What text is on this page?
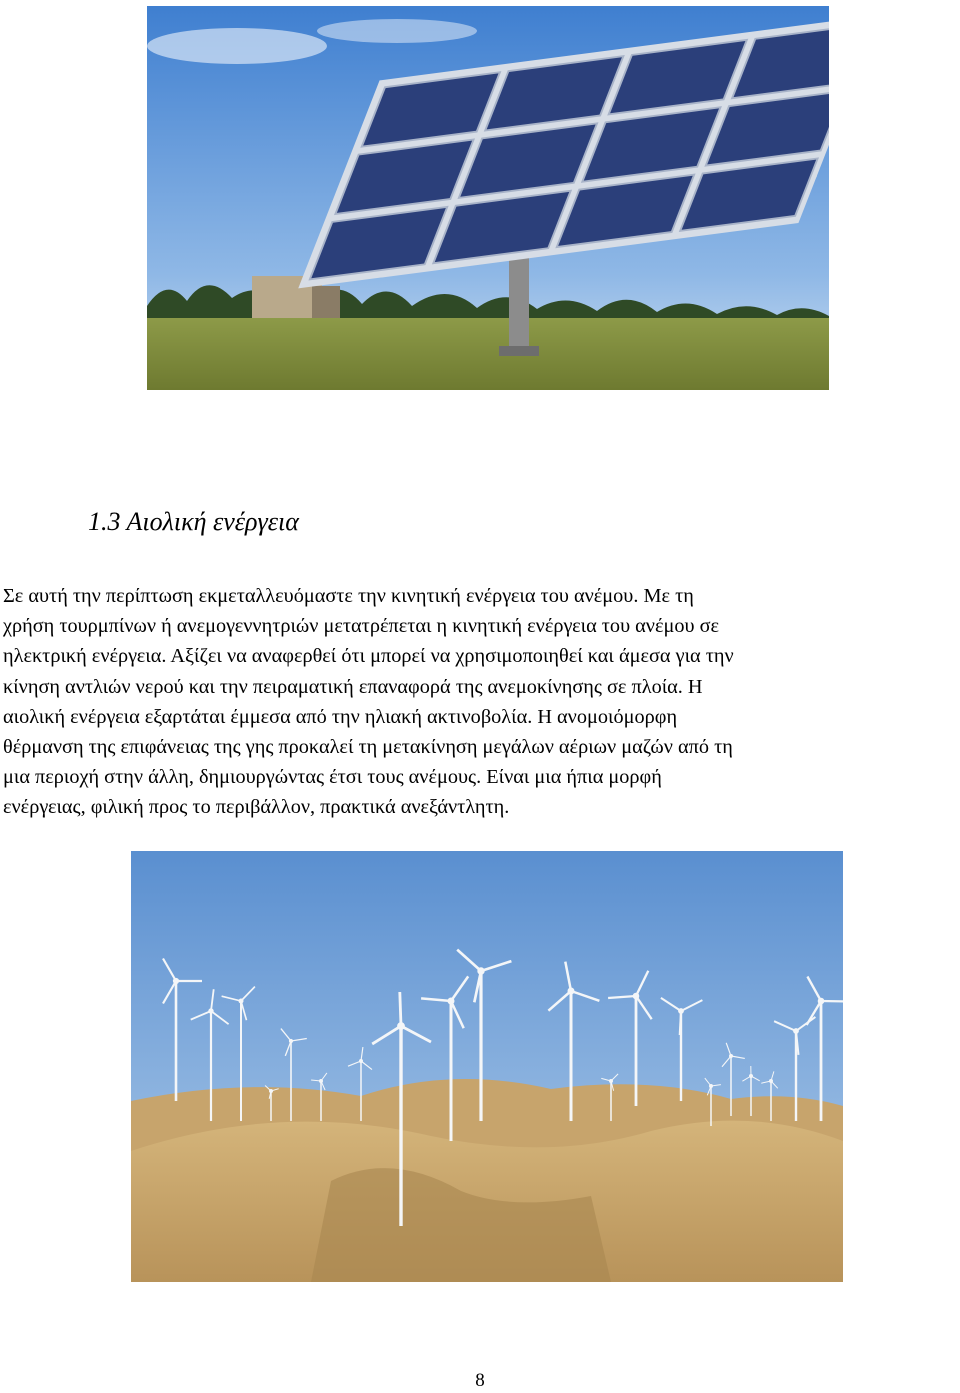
1.3 Αιολική ενέργεια

Σε αυτή την περίπτωση εκμεταλλευόμαστε την κινητική ενέργεια του ανέμου. Με τη
χρήση τουρμπίνων ή ανεμογεννητριών μετατρέπεται η κινητική ενέργεια του ανέμου σε
ηλεκτρική ενέργεια. Αξίζει να αναφερθεί ότι μπορεί να χρησιμοποιηθεί και άμεσα για την
κίνηση αντλιών νερού και την πειραματική επαναφορά της ανεμοκίνησης σε πλοία. Η
αιολική ενέργεια εξαρτάται έμμεσα από την ηλιακή ακτινοβολία. Η ανομοιόμορφη
θέρμανση της επιφάνειας της γης προκαλεί τη μετακίνηση μεγάλων αέριων μαζών από τη
μια περιοχή στην άλλη, δημιουργώντας έτσι τους ανέμους. Είναι μια ήπια μορφή
ενέργειας, φιλική προς το περιβάλλον, πρακτικά ανεξάντλητη.

8
